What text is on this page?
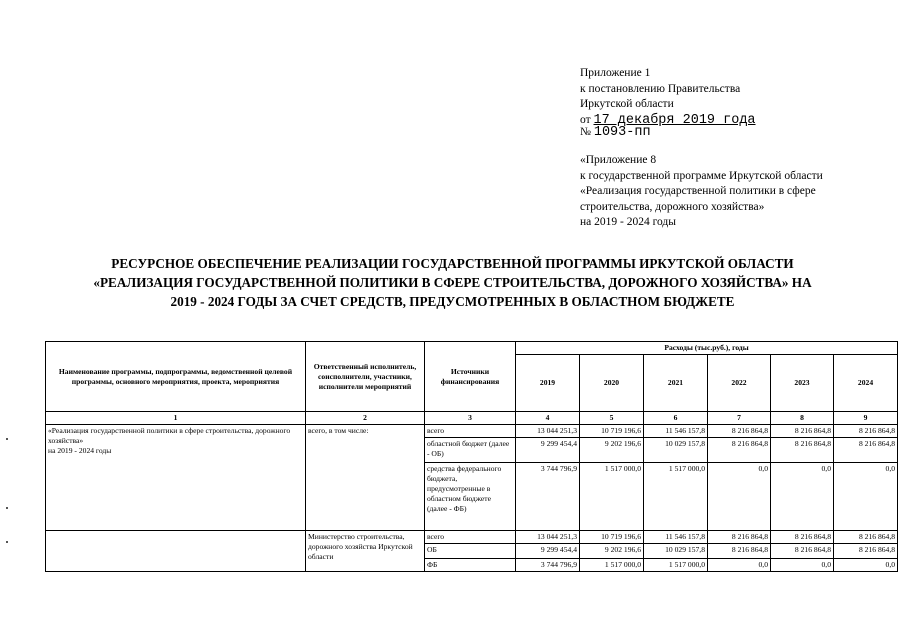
Приложение 1
к постановлению Правительства
Иркутской области
от 17 декабря 2019 года
№ 1093-пп
«Приложение 8
к государственной программе Иркутской области
«Реализация государственной политики в сфере
строительства, дорожного хозяйства»
на 2019 - 2024 годы
РЕСУРСНОЕ ОБЕСПЕЧЕНИЕ РЕАЛИЗАЦИИ ГОСУДАРСТВЕННОЙ ПРОГРАММЫ ИРКУТСКОЙ ОБЛАСТИ
«РЕАЛИЗАЦИЯ ГОСУДАРСТВЕННОЙ ПОЛИТИКИ В СФЕРЕ СТРОИТЕЛЬСТВА, ДОРОЖНОГО ХОЗЯЙСТВА» НА
2019 - 2024 ГОДЫ ЗА СЧЕТ СРЕДСТВ, ПРЕДУСМОТРЕННЫХ В ОБЛАСТНОМ БЮДЖЕТЕ
Наименование программы, подпрограммы, ведомственной целевой программы, основного мероприятия, проекта, мероприятия	Ответственный исполнитель, соисполнители, участники, исполнители мероприятий	Источники финансирования	Расходы (тыс.руб.), годы					
			2019	2020	2021	2022	2023	2024
1	2	3	4	5	6	7	8	9

«Реализация государственной политики в сфере строительства, дорожного хозяйства»
на 2019 - 2024 годы	всего, в том числе:	всего	13 044 251,3	10 719 196,6	11 546 157,8	8 216 864,8	8 216 864,8	8 216 864,8
		областной бюджет (далее - ОБ)	9 299 454,4	9 202 196,6	10 029 157,8	8 216 864,8	8 216 864,8	8 216 864,8
		средства федерального бюджета, предусмотренные в областном бюджете (далее - ФБ)	3 744 796,9	1 517 000,0	1 517 000,0	0,0	0,0	0,0
	Министерство строительства, дорожного хозяйства Иркутской области	всего	13 044 251,3	10 719 196,6	11 546 157,8	8 216 864,8	8 216 864,8	8 216 864,8
		ОБ	9 299 454,4	9 202 196,6	10 029 157,8	8 216 864,8	8 216 864,8	8 216 864,8
		ФБ	3 744 796,9	1 517 000,0	1 517 000,0	0,0	0,0	0,0
